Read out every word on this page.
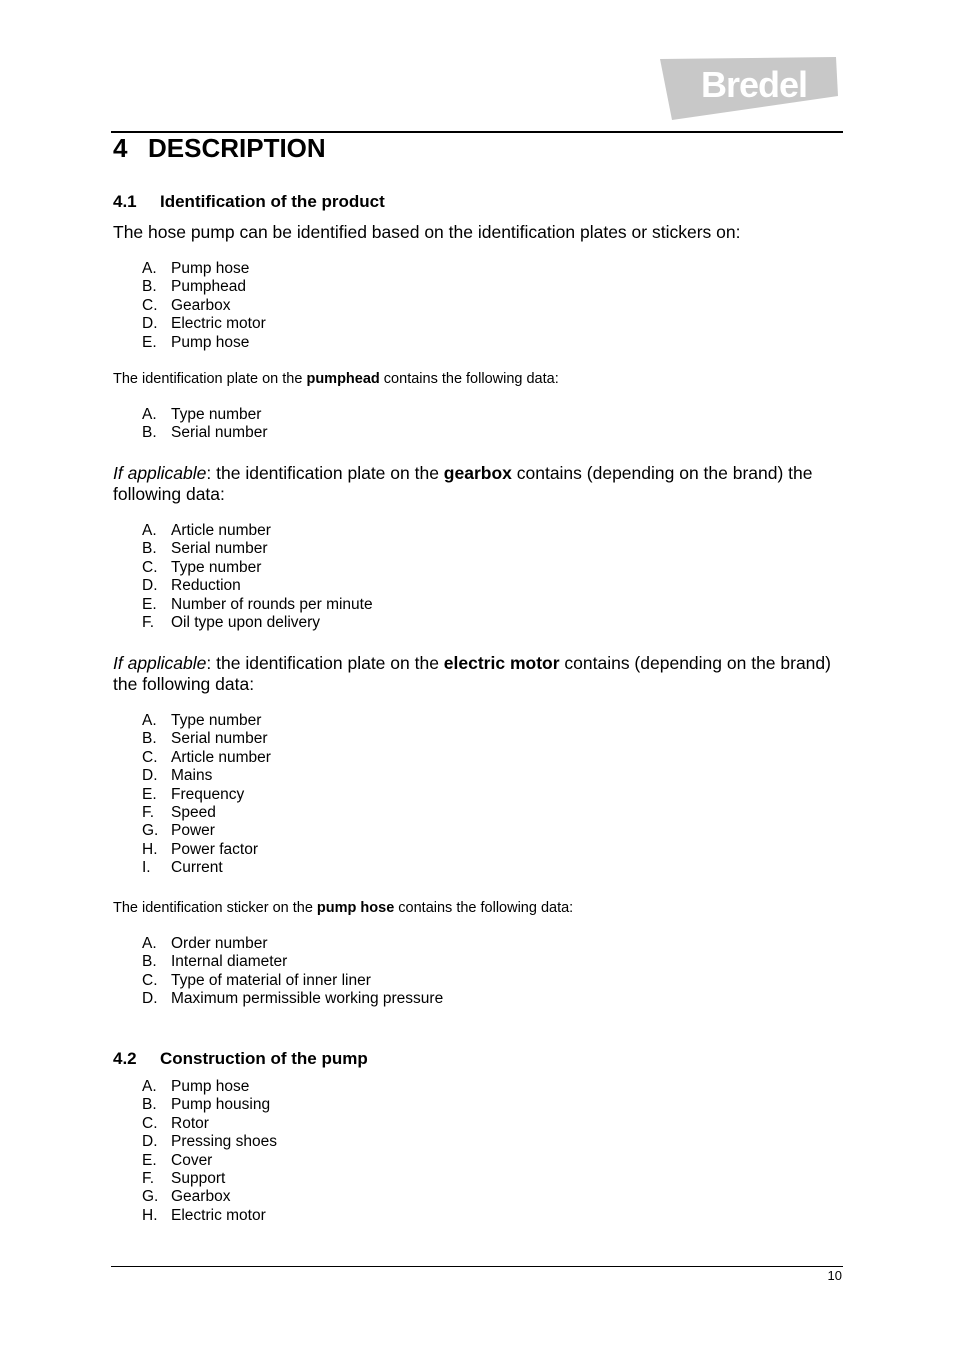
Bredel
4 DESCRIPTION
4.1 Identification of the product
The hose pump can be identified based on the identification plates or stickers on:
A. Pump hose
B. Pumphead
C. Gearbox
D. Electric motor
E. Pump hose
The identification plate on the pumphead contains the following data:
A. Type number
B. Serial number
If applicable: the identification plate on the gearbox contains (depending on the brand) the following data:
A. Article number
B. Serial number
C. Type number
D. Reduction
E. Number of rounds per minute
F. Oil type upon delivery
If applicable: the identification plate on the electric motor contains (depending on the brand) the following data:
A. Type number
B. Serial number
C. Article number
D. Mains
E. Frequency
F. Speed
G. Power
H. Power factor
I. Current
The identification sticker on the pump hose contains the following data:
A. Order number
B. Internal diameter
C. Type of material of inner liner
D. Maximum permissible working pressure
4.2 Construction of the pump
A. Pump hose
B. Pump housing
C. Rotor
D. Pressing shoes
E. Cover
F. Support
G. Gearbox
H. Electric motor
10
